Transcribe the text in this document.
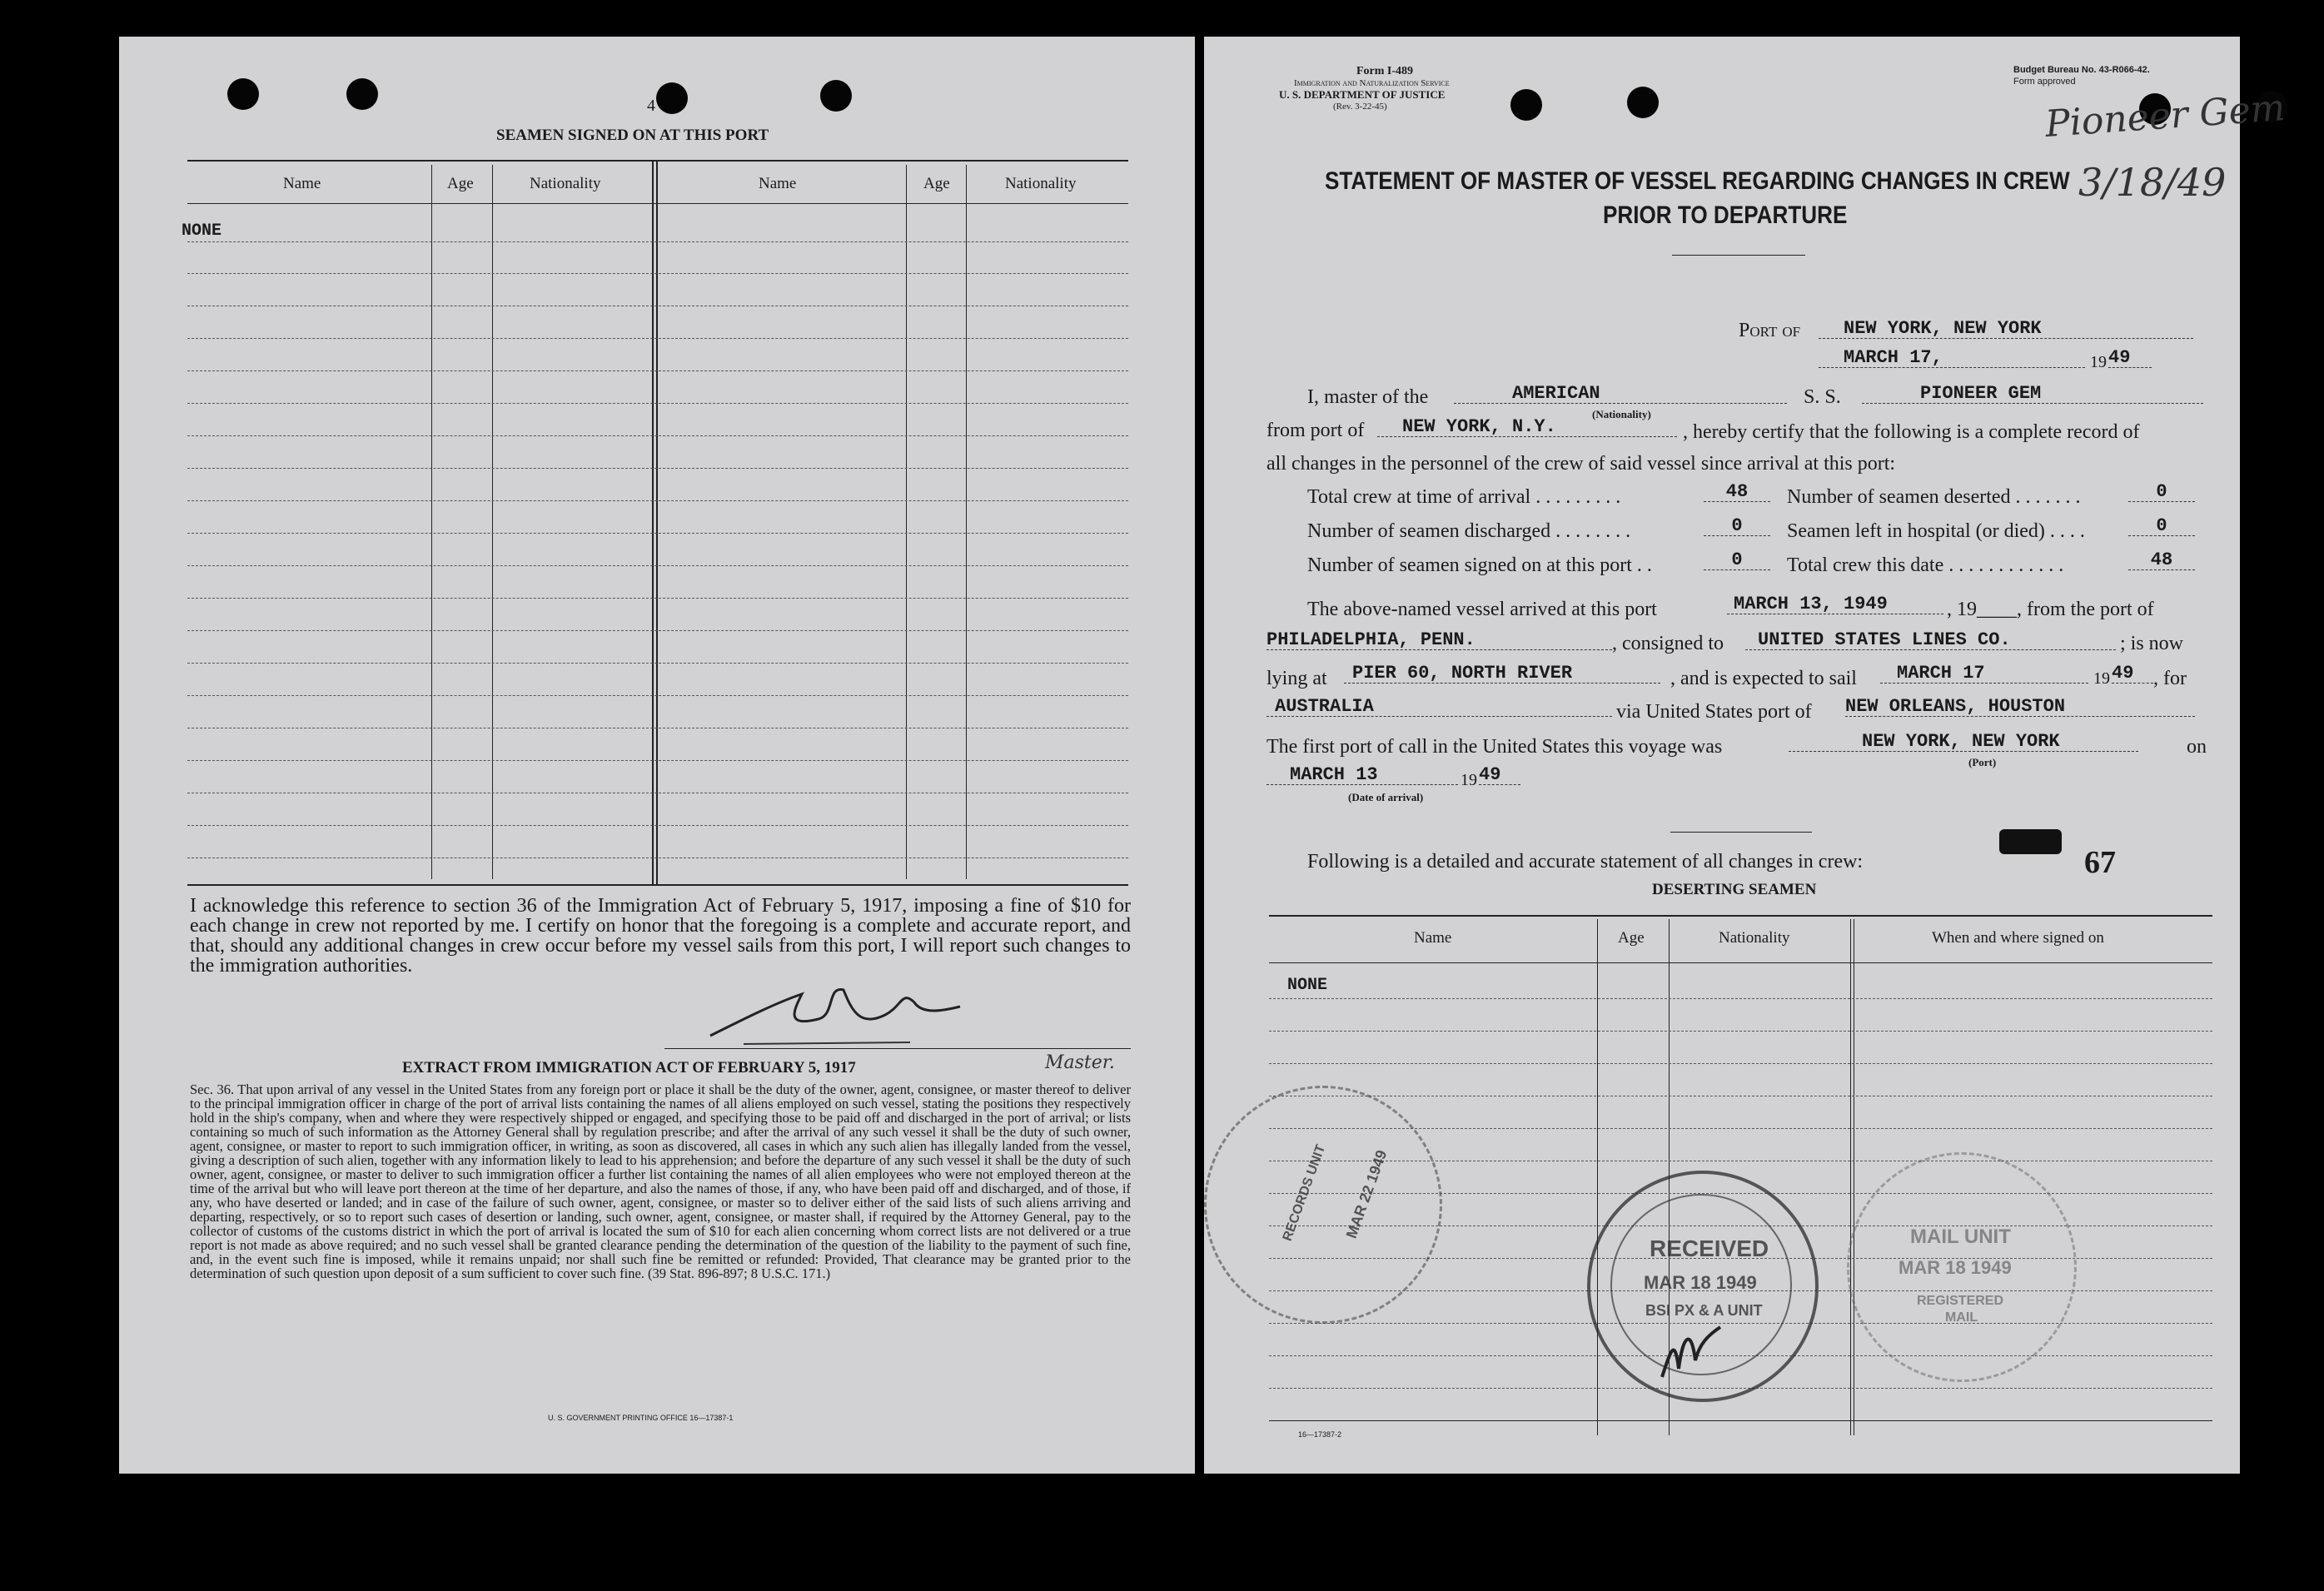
4
SEAMEN SIGNED ON AT THIS PORT
Name	Age	Nationality	Name	Age	Nationality
NONE
I acknowledge this reference to section 36 of the Immigration Act of February 5, 1917, imposing a fine of $10 for each change in crew not reported by me. I certify on honor that the foregoing is a complete and accurate report, and that, should any additional changes in crew occur before my vessel sails from this port, I will report such changes to the immigration authorities.
Master.
EXTRACT FROM IMMIGRATION ACT OF FEBRUARY 5, 1917
Sec. 36. That upon arrival of any vessel in the United States from any foreign port or place it shall be the duty of the owner, agent, consignee, or master thereof to deliver to the principal immigration officer in charge of the port of arrival lists containing the names of all aliens employed on such vessel, stating the positions they respectively hold in the ship's company, when and where they were respectively shipped or engaged, and specifying those to be paid off and discharged in the port of arrival; or lists containing so much of such information as the Attorney General shall by regulation prescribe; and after the arrival of any such vessel it shall be the duty of such owner, agent, consignee, or master to report to such immigration officer, in writing, as soon as discovered, all cases in which any such alien has illegally landed from the vessel, giving a description of such alien, together with any information likely to lead to his apprehension; and before the departure of any such vessel it shall be the duty of such owner, agent, consignee, or master to deliver to such immigration officer a further list containing the names of all alien employees who were not employed thereon at the time of the arrival but who will leave port thereon at the time of her departure, and also the names of those, if any, who have been paid off and discharged, and of those, if any, who have deserted or landed; and in case of the failure of such owner, agent, consignee, or master so to deliver either of the said lists of such aliens arriving and departing, respectively, or so to report such cases of desertion or landing, such owner, agent, consignee, or master shall, if required by the Attorney General, pay to the collector of customs of the customs district in which the port of arrival is located the sum of $10 for each alien concerning whom correct lists are not delivered or a true report is not made as above required; and no such vessel shall be granted clearance pending the determination of the question of the liability to the payment of such fine, and, in the event such fine is imposed, while it remains unpaid; nor shall such fine be remitted or refunded: Provided, That clearance may be granted prior to the determination of such question upon deposit of a sum sufficient to cover such fine. (39 Stat. 896-897; 8 U.S.C. 171.)
U. S. GOVERNMENT PRINTING OFFICE 16—17387-1
Form I-489
Immigration and Naturalization Service
U. S. DEPARTMENT OF JUSTICE
(Rev. 3-22-45)
Budget Bureau No. 43-R066-42.
Form approved
Pioneer Gem
3/18/49
STATEMENT OF MASTER OF VESSEL REGARDING CHANGES IN CREW
PRIOR TO DEPARTURE
Port of	NEW YORK, NEW YORK
MARCH 17,	19 49
I, master of the	AMERICAN
(Nationality)
S. S.	PIONEER GEM
from port of	NEW YORK, N.Y.	, hereby certify that the following is a complete record of
all changes in the personnel of the crew of said vessel since arrival at this port:
Total crew at time of arrival . . . . . . . . .	48	Number of seamen deserted . . . . . . .	0
Number of seamen discharged . . . . . . . .	0	Seamen left in hospital (or died) . . . .	0
Number of seamen signed on at this port . .	0	Total crew this date . . . . . . . . . . . .	48
The above-named vessel arrived at this port	MARCH 13, 1949	, 19____, from the port of
PHILADELPHIA, PENN.	, consigned to	UNITED STATES LINES CO.	; is now
lying at	PIER 60, NORTH RIVER	, and is expected to sail	MARCH 17	19 49 , for
AUSTRALIA	via United States port of NEW ORLEANS, HOUSTON
The first port of call in the United States this voyage was	NEW YORK, NEW YORK
(Port)
on
MARCH 13	19 49
(Date of arrival)
Following is a detailed and accurate statement of all changes in crew:	67
DESERTING SEAMEN
Name	Age	Nationality	When and where signed on
NONE
RECORDS UNIT MAR 22 1949
RECEIVED
MAR 18 1949
BSI PX & A UNIT
MAIL UNIT
MAR 18 1949
REGISTERED
MAIL
16—17387-2
